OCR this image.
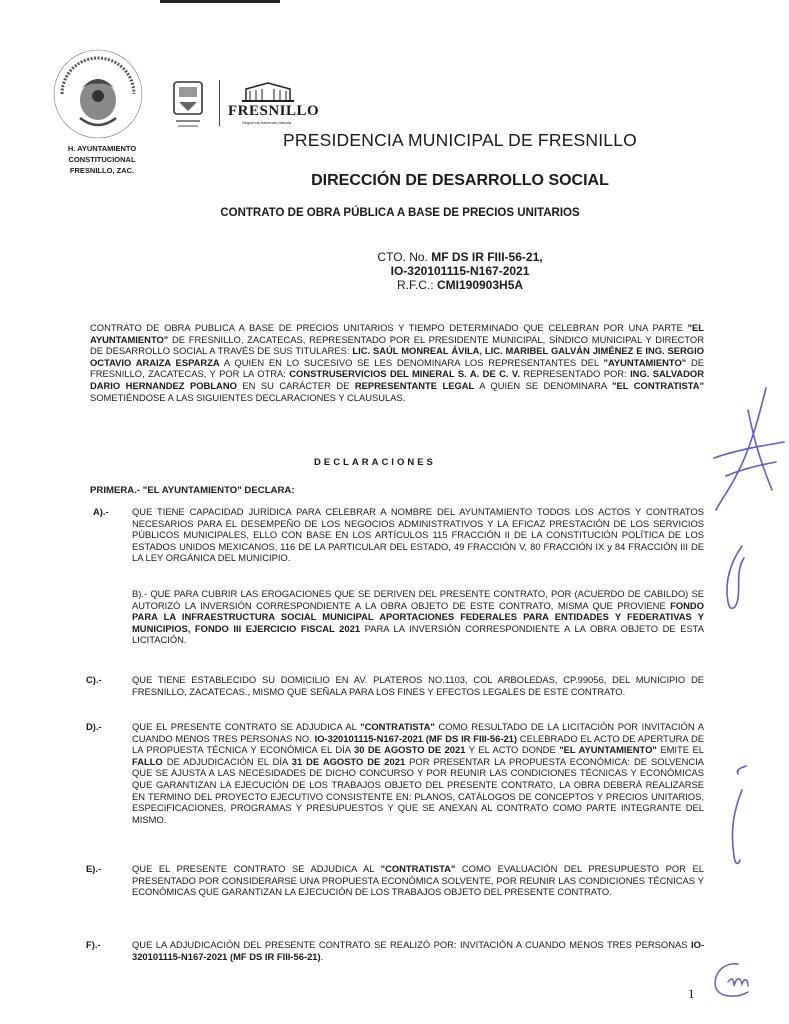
H. AYUNTAMIENTO
CONSTITUCIONAL
FRESNILLO, ZAC.
FRESNILLO
Seguimos haciendo historia
PRESIDENCIA MUNICIPAL DE FRESNILLO
DIRECCIÓN DE DESARROLLO SOCIAL
CONTRATO DE OBRA PÚBLICA A BASE DE PRECIOS UNITARIOS
CTO. No. MF DS IR FIII-56-21,
IO-320101115-N167-2021
R.F.C.: CMI190903H5A
CONTRATO DE OBRA PUBLICA A BASE DE PRECIOS UNITARIOS Y TIEMPO DETERMINADO QUE CELEBRAN POR UNA PARTE "EL AYUNTAMIENTO" DE FRESNILLO, ZACATECAS, REPRESENTADO POR EL PRESIDENTE MUNICIPAL, SÍNDICO MUNICIPAL Y DIRECTOR DE DESARROLLO SOCIAL A TRAVÉS DE SUS TITULARES: LIC. SAÚL MONREAL ÁVILA, LIC. MARIBEL GALVÁN JIMÉNEZ E ING. SERGIO OCTAVIO ARAIZA ESPARZA A QUIEN EN LO SUCESIVO SE LES DENOMINARA LOS REPRESENTANTES DEL "AYUNTAMIENTO" DE FRESNILLO, ZACATECAS, Y POR LA OTRA: CONSTRUSERVICIOS DEL MINERAL S. A. DE C. V. REPRESENTADO POR: ING. SALVADOR DARIO HERNANDEZ POBLANO EN SU CARÁCTER DE REPRESENTANTE LEGAL A QUIEN SE DENOMINARA "EL CONTRATISTA" SOMETIÉNDOSE A LAS SIGUIENTES DECLARACIONES Y CLAUSULAS.
DECLARACIONES
PRIMERA.- "EL AYUNTAMIENTO" DECLARA:
A).- QUE TIENE CAPACIDAD JURÍDICA PARA CELEBRAR A NOMBRE DEL AYUNTAMIENTO TODOS LOS ACTOS Y CONTRATOS NECESARIOS PARA EL DESEMPEÑO DE LOS NEGOCIOS ADMINISTRATIVOS Y LA EFICAZ PRESTACIÓN DE LOS SERVICIOS PÚBLICOS MUNICIPALES, ELLO CON BASE EN LOS ARTÍCULOS 115 FRACCIÓN II DE LA CONSTITUCIÓN POLÍTICA DE LOS ESTADOS UNIDOS MEXICANOS, 116 DE LA PARTICULAR DEL ESTADO, 49 FRACCIÓN V, 80 FRACCIÓN IX y 84 FRACCIÓN III DE LA LEY ORGÁNICA DEL MUNICIPIO.
B).- QUE PARA CUBRIR LAS EROGACIONES QUE SE DERIVEN DEL PRESENTE CONTRATO, POR (ACUERDO DE CABILDO) SE AUTORIZÓ LA INVERSIÓN CORRESPONDIENTE A LA OBRA OBJETO DE ESTE CONTRATO, MISMA QUE PROVIENE FONDO PARA LA INFRAESTRUCTURA SOCIAL MUNICIPAL APORTACIONES FEDERALES PARA ENTIDADES Y FEDERATIVAS Y MUNICIPIOS, FONDO III EJERCICIO FISCAL 2021 PARA LA INVERSIÓN CORRESPONDIENTE A LA OBRA OBJETO DE ESTA LICITACIÓN.
C).-	QUE TIENE ESTABLECIDO SU DOMICILIO EN AV. PLATEROS NO.1103, COL ARBOLEDAS, CP.99056, DEL MUNICIPIO DE FRESNILLO, ZACATECAS., MISMO QUE SEÑALA PARA LOS FINES Y EFECTOS LEGALES DE ESTE CONTRATO.
D).-	QUE EL PRESENTE CONTRATO SE ADJUDICA AL "CONTRATISTA" COMO RESULTADO DE LA LICITACIÓN POR INVITACIÓN A CUANDO MENOS TRES PERSONAS NO. IO-320101115-N167-2021 (MF DS IR FIII-56-21) CELEBRADO EL ACTO DE APERTURA DE LA PROPUESTA TÉCNICA Y ECONÓMICA EL DÍA 30 DE AGOSTO DE 2021 Y EL ACTO DONDE "EL AYUNTAMIENTO" EMITE EL FALLO DE ADJUDICACIÓN EL DÍA 31 DE AGOSTO DE 2021 POR PRESENTAR LA PROPUESTA ECONÓMICA: DE SOLVENCIA QUE SE AJUSTA A LAS NECESIDADES DE DICHO CONCURSO Y POR REUNIR LAS CONDICIONES TÉCNICAS Y ECONÓMICAS QUE GARANTIZAN LA EJECUCIÓN DE LOS TRABAJOS OBJETO DEL PRESENTE CONTRATO, LA OBRA DEBERÁ REALIZARSE EN TERMINO DEL PROYECTO EJECUTIVO CONSISTENTE EN: PLANOS, CATÁLOGOS DE CONCEPTOS Y PRECIOS UNITARIOS, ESPECIFICACIONES, PROGRAMAS Y PRESUPUESTOS Y QUE SE ANEXAN AL CONTRATO COMO PARTE INTEGRANTE DEL MISMO.
E).-	QUE EL PRESENTE CONTRATO SE ADJUDICA AL "CONTRATISTA" COMO EVALUACIÓN DEL PRESUPUESTO POR EL PRESENTADO POR CONSIDERARSE UNA PROPUESTA ECONÓMICA SOLVENTE, POR REUNIR LAS CONDICIONES TÉCNICAS Y ECONÓMICAS QUE GARANTIZAN LA EJECUCIÓN DE LOS TRABAJOS OBJETO DEL PRESENTE CONTRATO.
F).-	QUE LA ADJUDICACIÓN DEL PRESENTE CONTRATO SE REALIZÓ POR: INVITACIÓN A CUANDO MENOS TRES PERSONAS IO-320101115-N167-2021 (MF DS IR FIII-56-21).
1
